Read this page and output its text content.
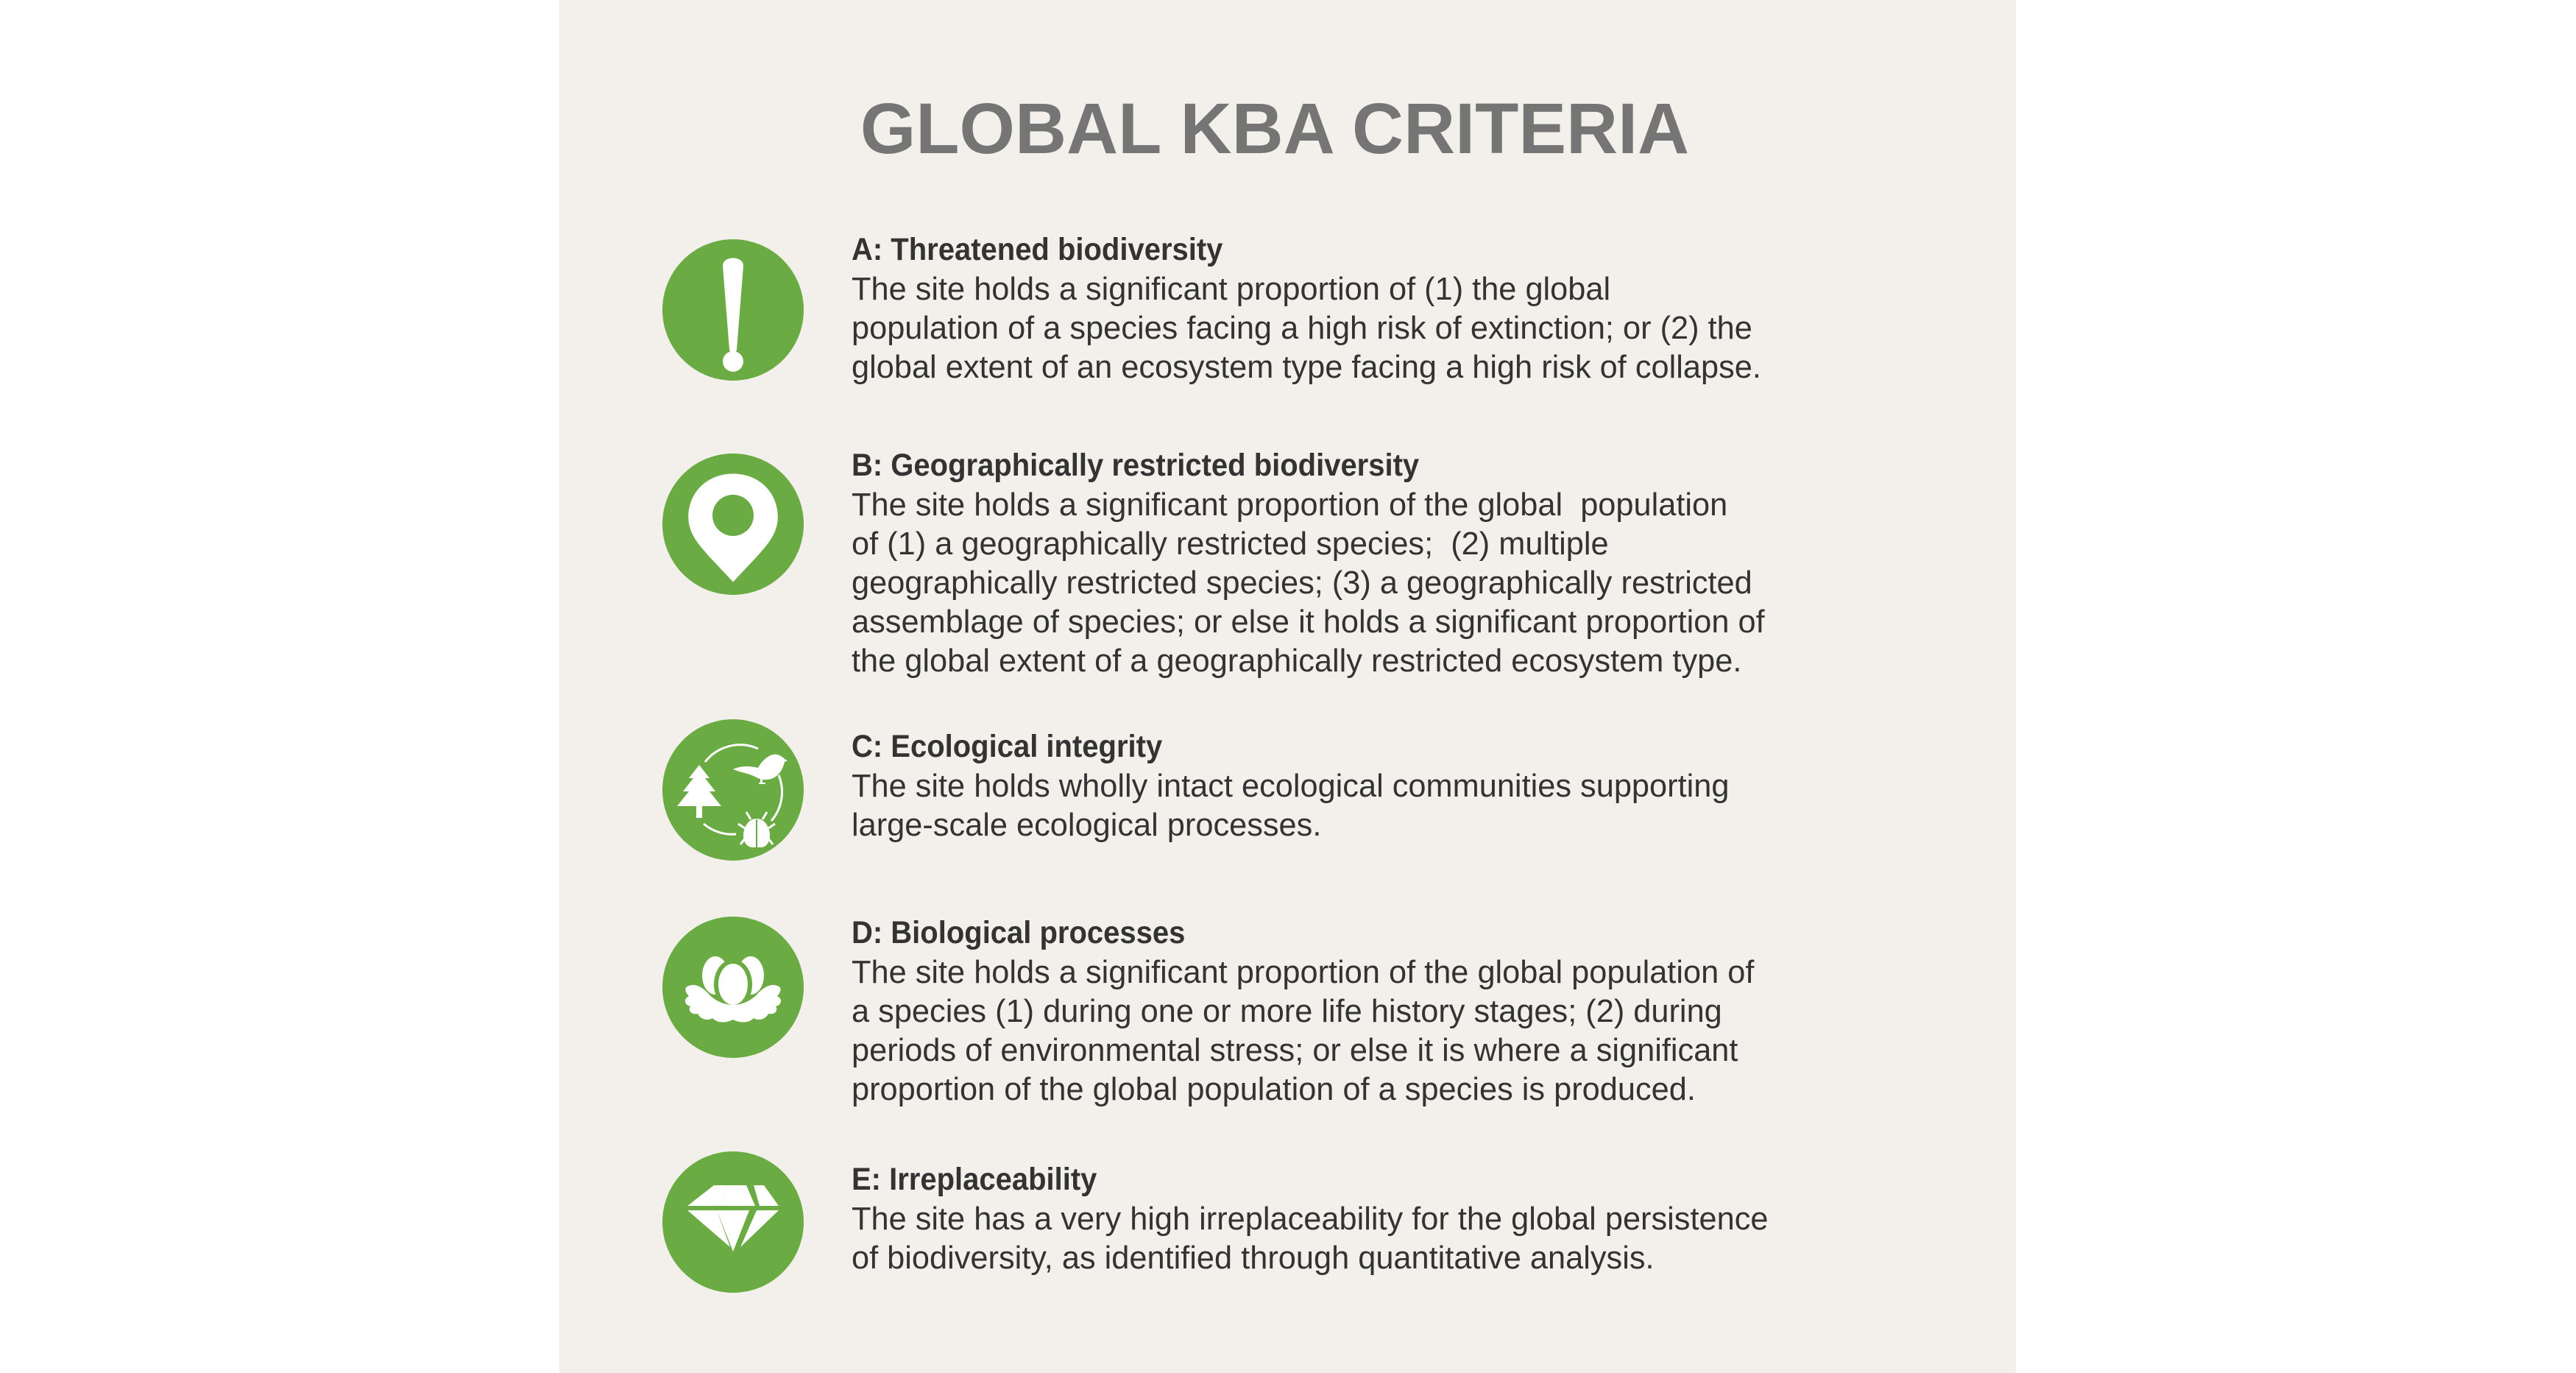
GLOBAL KBA CRITERIA
A: Threatened biodiversity
The site holds a significant proportion of (1) the global
population of a species facing a high risk of extinction; or (2) the
global extent of an ecosystem type facing a high risk of collapse.
B: Geographically restricted biodiversity
The site holds a significant proportion of the global  population
of (1) a geographically restricted species;  (2) multiple
geographically restricted species; (3) a geographically restricted
assemblage of species; or else it holds a significant proportion of
the global extent of a geographically restricted ecosystem type.
C: Ecological integrity
The site holds wholly intact ecological communities supporting
large-scale ecological processes.
D: Biological processes
The site holds a significant proportion of the global population of
a species (1) during one or more life history stages; (2) during
periods of environmental stress; or else it is where a significant
proportion of the global population of a species is produced.
E: Irreplaceability
The site has a very high irreplaceability for the global persistence
of biodiversity, as identified through quantitative analysis.
